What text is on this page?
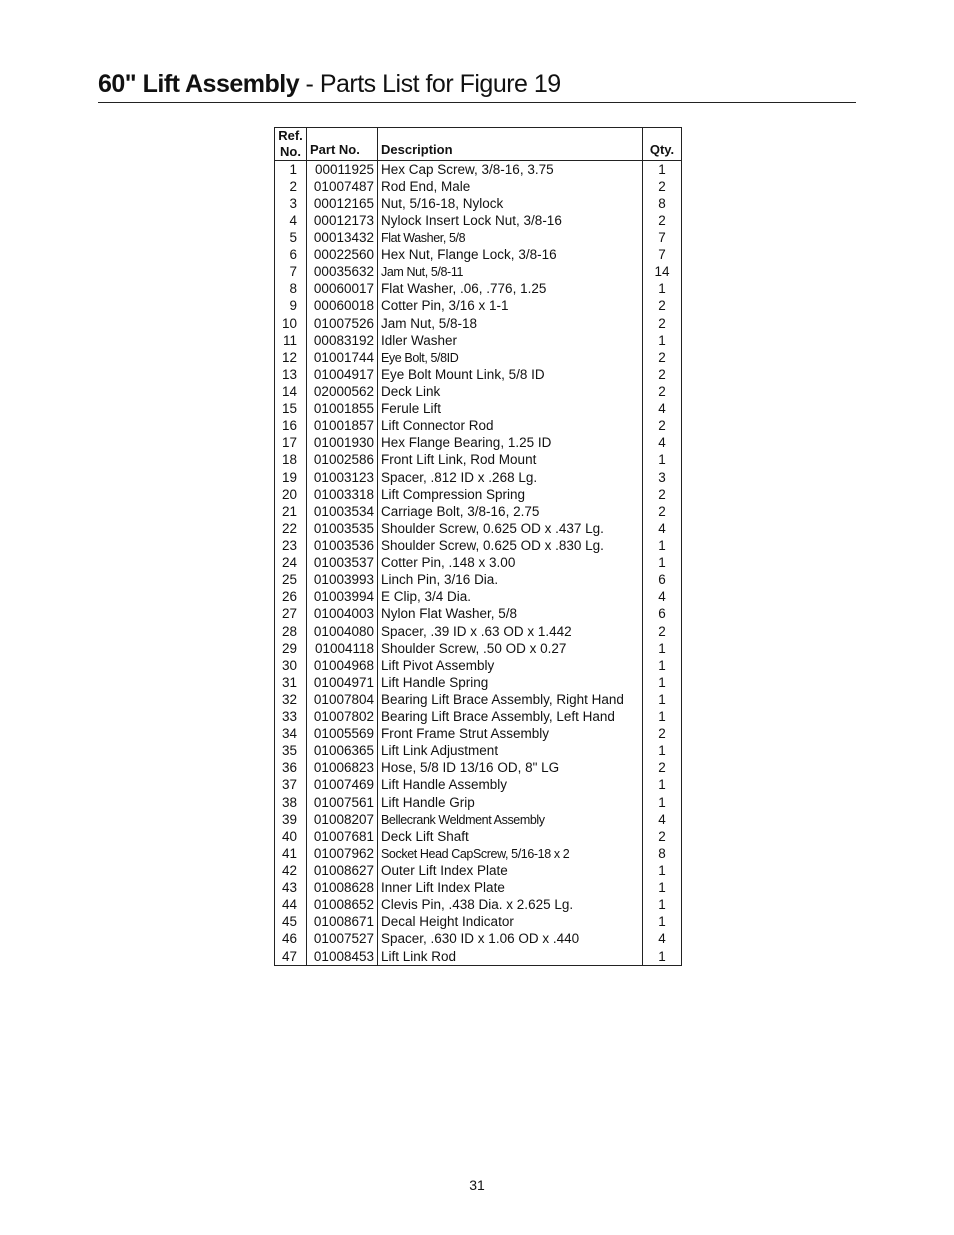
60" Lift Assembly - Parts List for Figure 19
Ref.
No.	Part No.	Description	Qty.
1	00011925	Hex Cap Screw, 3/8-16, 3.75	1
2	01007487	Rod End, Male	2
3	00012165	Nut, 5/16-18, Nylock	8
4	00012173	Nylock Insert Lock Nut, 3/8-16	2
5	00013432	Flat Washer, 5/8	7
6	00022560	Hex Nut, Flange Lock, 3/8-16	7
7	00035632	Jam Nut, 5/8-11	14
8	00060017	Flat Washer, .06, .776, 1.25	1
9	00060018	Cotter Pin, 3/16 x 1-1	2
10	01007526	Jam Nut, 5/8-18	2
11	00083192	Idler Washer	1
12	01001744	Eye Bolt, 5/8ID	2
13	01004917	Eye Bolt Mount Link, 5/8 ID	2
14	02000562	Deck Link	2
15	01001855	Ferule Lift	4
16	01001857	Lift Connector Rod	2
17	01001930	Hex Flange Bearing, 1.25 ID	4
18	01002586	Front Lift Link, Rod Mount	1
19	01003123	Spacer, .812 ID x .268 Lg.	3
20	01003318	Lift Compression Spring	2
21	01003534	Carriage Bolt, 3/8-16, 2.75	2
22	01003535	Shoulder Screw, 0.625 OD x .437 Lg.	4
23	01003536	Shoulder Screw, 0.625 OD x .830 Lg.	1
24	01003537	Cotter Pin, .148 x 3.00	1
25	01003993	Linch Pin, 3/16 Dia.	6
26	01003994	E Clip, 3/4 Dia.	4
27	01004003	Nylon Flat Washer, 5/8	6
28	01004080	Spacer, .39 ID x .63 OD x 1.442	2
29	01004118	Shoulder Screw, .50 OD x 0.27	1
30	01004968	Lift Pivot Assembly	1
31	01004971	Lift Handle Spring	1
32	01007804	Bearing Lift Brace Assembly, Right Hand	1
33	01007802	Bearing Lift Brace Assembly, Left Hand	1
34	01005569	Front Frame Strut Assembly	2
35	01006365	Lift Link Adjustment	1
36	01006823	Hose, 5/8 ID 13/16 OD, 8" LG	2
37	01007469	Lift Handle Assembly	1
38	01007561	Lift Handle Grip	1
39	01008207	Bellecrank Weldment Assembly	4
40	01007681	Deck Lift Shaft	2
41	01007962	Socket Head CapScrew, 5/16-18 x 2	8
42	01008627	Outer Lift Index Plate	1
43	01008628	Inner Lift Index Plate	1
44	01008652	Clevis Pin, .438 Dia. x 2.625 Lg.	1
45	01008671	Decal Height Indicator	1
46	01007527	Spacer, .630 ID x 1.06 OD x .440	4
47	01008453	Lift Link Rod	1
31
